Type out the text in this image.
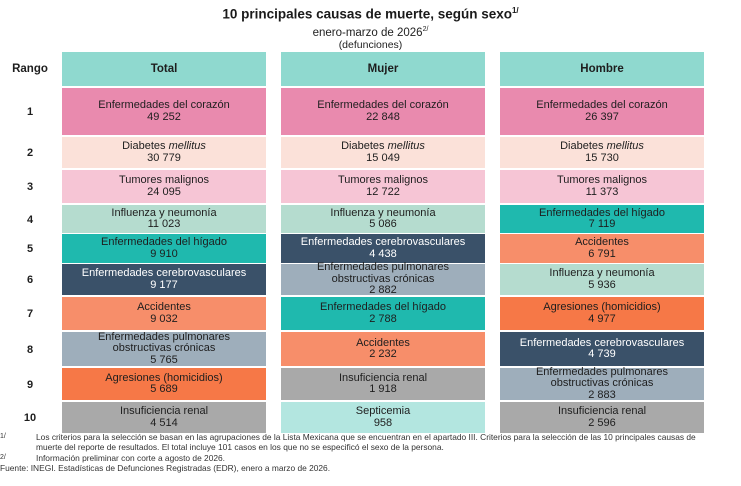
10 principales causas de muerte, según sexo$^{1/}$
enero-marzo de $2026^{2/}$
(defunciones)
Rango	Total	Mujer	Hombre
1
Enfermedades del corazón
49 252
Enfermedades del corazón
22 848
Enfermedades del corazón
26 397
2
Diabetes mellitus
30 779
Diabetes mellitus
15 049
Diabetes mellitus
15 730
3
Tumores malignos
24 095
Tumores malignos
12 722
Tumores malignos
11 373
4
Influenza y neumonía
11 023
Influenza y neumonía
5 086
Enfermedades del hígado
7 119
5
Enfermedades del hígado
9 910
Enfermedades cerebrovasculares
4 438
Accidentes
6 791
6
Enfermedades cerebrovasculares
9 177
Enfermedades pulmonares obstructivas crónicas
2 882
Influenza y neumonía
5 936
7
Accidentes
9 032
Enfermedades del hígado
2 788
Agresiones (homicidios)
4 977
8
Enfermedades pulmonares obstructivas crónicas
5 765
Accidentes
2 232
Enfermedades cerebrovasculares
4 739
9
Agresiones (homicidios)
5 689
Insuficiencia renal
1 918
Enfermedades pulmonares obstructivas crónicas
2 883
10
Insuficiencia renal
4 514
Septicemia
958
Insuficiencia renal
2 596
1/	Los criterios para la selección se basan en las agrupaciones de la Lista Mexicana que se encuentran en el apartado III. Criterios para la selección de las 10 principales causas de muerte del reporte de resultados. El total incluye 101 casos en los que no se especificó el sexo de la persona.
2/	Información preliminar con corte a agosto de 2026.
Fuente: INEGI. Estadísticas de Defunciones Registradas (EDR), enero a marzo de 2026.
